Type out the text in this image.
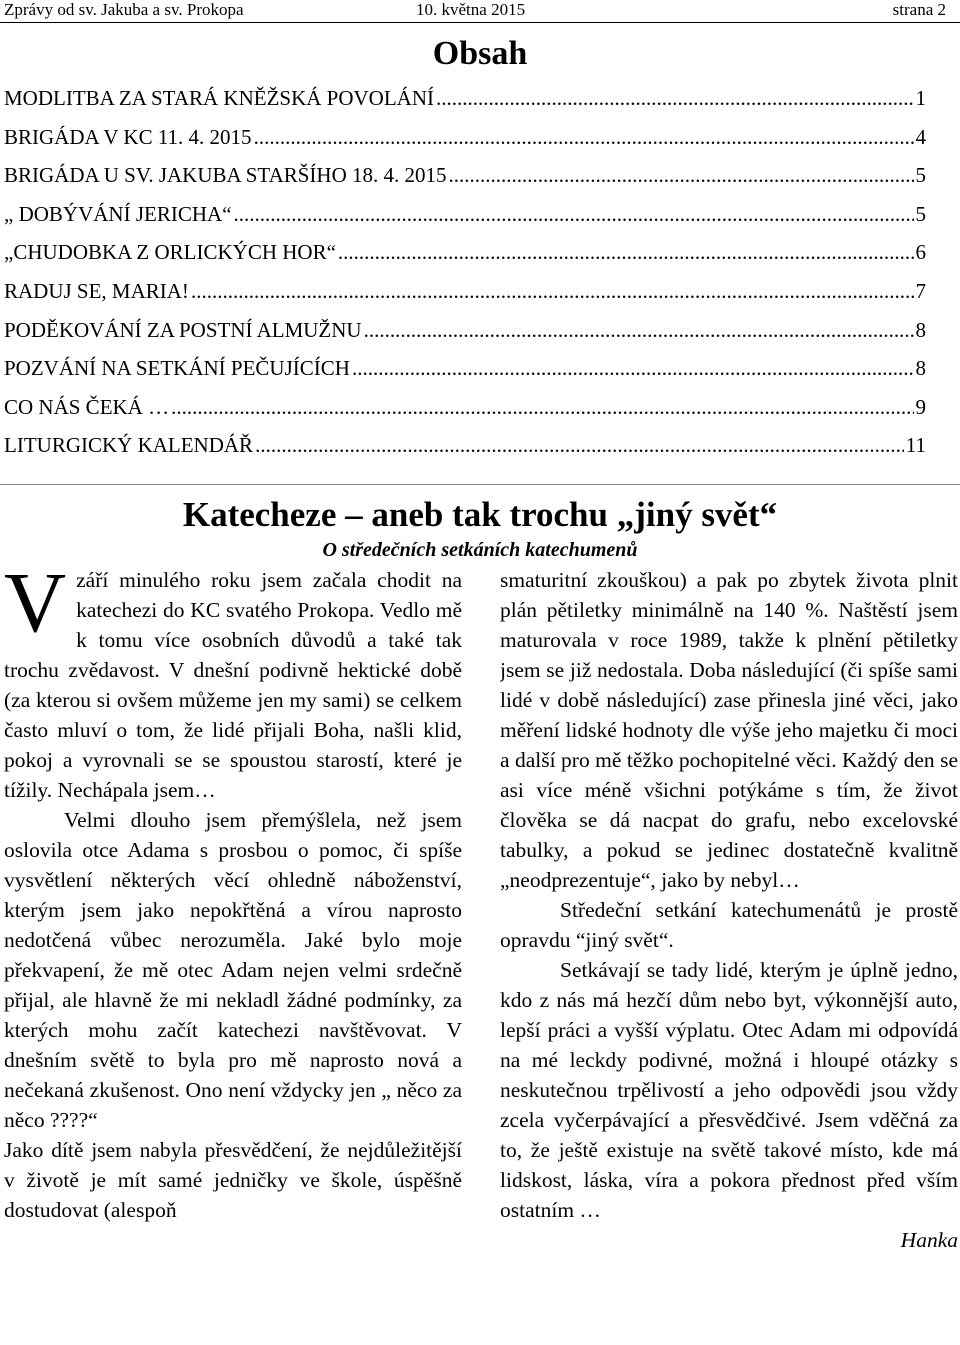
Zprávy od sv. Jakuba a sv. Prokopa	10. května 2015	strana 2
Obsah
MODLITBA ZA STARÁ KNĚŽSKÁ POVOLÁNÍ .....	1
BRIGÁDA V KC 11. 4. 2015 .....	4
BRIGÁDA U SV. JAKUBA STARŠÍHO 18. 4. 2015 .....	5
„ DOBÝVÁNÍ JERICHA“ .....	5
„CHUDOBKA Z ORLICKÝCH HOR“ .....	6
RADUJ SE, MARIA! .....	7
PODĚKOVÁNÍ ZA POSTNÍ ALMUŽNU .....	8
POZVÁNÍ NA SETKÁNÍ PEČUJÍCÍCH .....	8
CO NÁS ČEKÁ … .....	9
LITURGICKÝ KALENDÁŘ .....	11
Katecheze – aneb tak trochu „jiný svět“
O středečních setkáních katechumenů

Vzáří minulého roku jsem začala chodit na katechezi do KC svatého Prokopa. Vedlo mě k tomu více osobních důvodů a také tak trochu zvědavost. V dnešní podivně hektické době (za kterou si ovšem můžeme jen my sami) se celkem často mluví o tom, že lidé přijali Boha, našli klid, pokoj a vyrovnali se se spoustou starostí, které je tížily. Nechápala jsem…

Velmi dlouho jsem přemýšlela, než jsem oslovila otce Adama s prosbou o pomoc, či spíše vysvětlení některých věcí ohledně náboženství, kterým jsem jako nepokřtěná a vírou naprosto nedotčená vůbec nerozuměla. Jaké bylo moje překvapení, že mě otec Adam nejen velmi srdečně přijal, ale hlavně že mi nekladl žádné podmínky, za kterých mohu začít katechezi navštěvovat. V dnešním světě to byla pro mě naprosto nová a nečekaná zkušenost. Ono není vždycky jen „ něco za něco ????“

Jako dítě jsem nabyla přesvědčení, že nejdůležitější v životě je mít samé jedničky ve škole, úspěšně dostudovat (alespoň

smaturitní zkouškou) a pak po zbytek života plnit plán pětiletky minimálně na 140 %. Naštěstí jsem maturovala v roce 1989, takže k plnění pětiletky jsem se již nedostala. Doba následující (či spíše sami lidé v době následující) zase přinesla jiné věci, jako měření lidské hodnoty dle výše jeho majetku či moci a další pro mě těžko pochopitelné věci. Každý den se asi více méně všichni potýkáme s tím, že život člověka se dá nacpat do grafu, nebo excelovské tabulky, a pokud se jedinec dostatečně kvalitně „neodprezentuje“, jako by nebyl…

Středeční setkání katechumenátů je prostě opravdu “jiný svět“.

Setkávají se tady lidé, kterým je úplně jedno, kdo z nás má hezčí dům nebo byt, výkonnější auto, lepší práci a vyšší výplatu. Otec Adam mi odpovídá na mé leckdy podivné, možná i hloupé otázky s neskutečnou trpělivostí a jeho odpovědi jsou vždy zcela vyčerpávající a přesvědčivé. Jsem vděčná za to, že ještě existuje na světě takové místo, kde má lidskost, láska, víra a pokora přednost před vším ostatním …

Hanka
